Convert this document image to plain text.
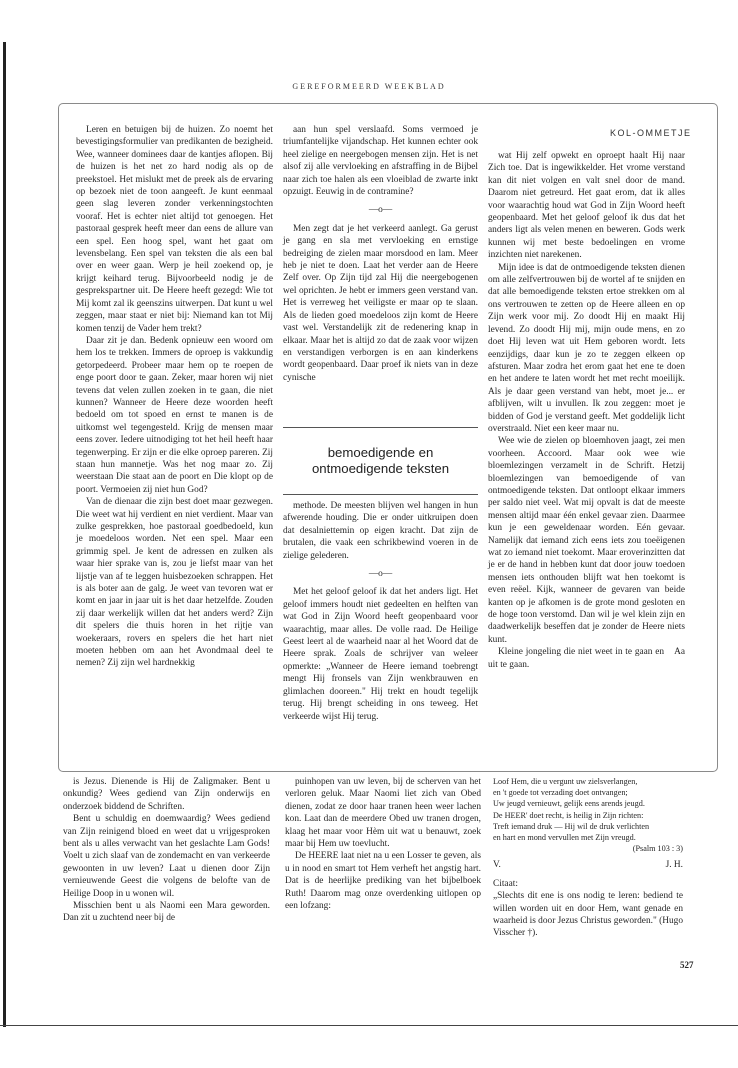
GEREFORMEERD WEEKBLAD
KOL-OMMETJE

Leren en betuigen bij de huizen. Zo noemt het bevestigingsformulier van predikanten de bezigheid. Wee, wanneer dominees daar de kantjes aflopen. Bij de huizen is het net zo hard nodig als op de preekstoel. Het mislukt met de preek als de ervaring op bezoek niet de toon aangeeft. Je kunt eenmaal geen slag leveren zonder verkenningstochten vooraf. Het is echter niet altijd tot genoegen. Het pastoraal gesprek heeft meer dan eens de allure van een spel. Een hoog spel, want het gaat om levensbelang. Een spel van teksten die als een bal over en weer gaan. Werp je heil zoekend op, je krijgt keihard terug. Bijvoorbeeld nodig je de gesprekspartner uit. De Heere heeft gezegd: Wie tot Mij komt zal ik geenszins uitwerpen. Dat kunt u wel zeggen, maar staat er niet bij: Niemand kan tot Mij komen tenzij de Vader hem trekt?

Daar zit je dan. Bedenk opnieuw een woord om hem los te trekken. Immers de oproep is vakkundig getorpedeerd. Probeer maar hem op te roepen de enge poort door te gaan. Zeker, maar horen wij niet tevens dat velen zullen zoeken in te gaan, die niet kunnen? Wanneer de Heere deze woorden heeft bedoeld om tot spoed en ernst te manen is de uitkomst wel tegengesteld. Krijg de mensen maar eens zover. Iedere uitnodiging tot het heil heeft haar tegenwerping. Er zijn er die elke oproep pareren. Zij staan hun mannetje. Was het nog maar zo. Zij weerstaan Die staat aan de poort en Die klopt op de poort. Vermoeien zij niet hun God?

Van de dienaar die zijn best doet maar gezwegen. Die weet wat hij verdient en niet verdient. Maar van zulke gesprekken, hoe pastoraal goedbedoeld, kun je moedeloos worden. Net een spel. Maar een grimmig spel. Je kent de adressen en zulken als waar hier sprake van is, zou je liefst maar van het lijstje van af te leggen huisbezoeken schrappen. Het is als boter aan de galg. Je weet van tevoren wat er komt en jaar in jaar uit is het daar hetzelfde. Zouden zij daar werkelijk willen dat het anders werd? Zijn dit spelers die thuis horen in het rijtje van woekeraars, rovers en spelers die het hart niet moeten hebben om aan het Avondmaal deel te nemen? Zij zijn wel hardnekkig

aan hun spel verslaafd. Soms vermoed je triumfantelijke vijandschap. Het kunnen echter ook heel zielige en neergebogen mensen zijn. Het is net alsof zij alle vervloeking en afstraffing in de Bijbel naar zich toe halen als een vloeiblad de zwarte inkt opzuigt. Eeuwig in de contramine?

—o—

Men zegt dat je het verkeerd aanlegt. Ga gerust je gang en sla met vervloeking en ernstige bedreiging de zielen maar morsdood en lam. Meer heb je niet te doen. Laat het verder aan de Heere Zelf over. Op Zijn tijd zal Hij die neergebogenen wel oprichten. Je hebt er immers geen verstand van. Het is verreweg het veiligste er maar op te slaan. Als de lieden goed moedeloos zijn komt de Heere vast wel. Verstandelijk zit de redenering knap in elkaar. Maar het is altijd zo dat de zaak voor wijzen en verstandigen verborgen is en aan kinderkens wordt geopenbaard. Daar proef ik niets van in deze cynische

bemoedigende en ontmoedigende teksten

methode. De meesten blijven wel hangen in hun afwerende houding. Die er onder uitkruipen doen dat desalniettemin op eigen kracht. Dat zijn de brutalen, die vaak een schrikbewind voeren in de zielige gelederen.

—o—

Met het geloof geloof ik dat het anders ligt. Het geloof immers houdt niet gedeelten en helften van wat God in Zijn Woord heeft geopenbaard voor waarachtig, maar alles. De volle raad. De Heilige Geest leert al de waarheid naar al het Woord dat de Heere sprak. Zoals de schrijver van weleer opmerkte: „Wanneer de Heere iemand toebrengt mengt Hij fronsels van Zijn wenkbrauwen en glimlachen dooreen." Hij trekt en houdt tegelijk terug. Hij brengt scheiding in ons teweeg. Het verkeerde wijst Hij terug.

wat Hij zelf opwekt en oproept haalt Hij naar Zich toe. Dat is ingewikkelder. Het vrome verstand kan dit niet volgen en valt snel door de mand. Daarom niet getreurd. Het gaat erom, dat ik alles voor waarachtig houd wat God in Zijn Woord heeft geopenbaard. Met het geloof geloof ik dus dat het anders ligt als velen menen en beweren. Gods werk kunnen wij met beste bedoelingen en vrome inzichten niet narekenen.

Mijn idee is dat de ontmoedigende teksten dienen om alle zelfvertrouwen bij de wortel af te snijden en dat alle bemoedigende teksten ertoe strekken om al ons vertrouwen te zetten op de Heere alleen en op Zijn werk voor mij. Zo doodt Hij en maakt Hij levend. Zo doodt Hij mij, mijn oude mens, en zo doet Hij leven wat uit Hem geboren wordt. Iets eenzijdigs, daar kun je zo te zeggen elkeen op afsturen. Maar zodra het erom gaat het ene te doen en het andere te laten wordt het met recht moeilijk. Als je daar geen verstand van hebt, moet je... er afblijven, wilt u invullen. Ik zou zeggen: moet je bidden of God je verstand geeft. Met goddelijk licht overstraald. Niet een keer maar nu.

Wee wie de zielen op bloemhoven jaagt, zei men voorheen. Accoord. Maar ook wee wie bloemlezingen verzamelt in de Schrift. Hetzij bloemlezingen van bemoedigende of van ontmoedigende teksten. Dat ontloopt elkaar immers per saldo niet veel. Wat mij opvalt is dat de meeste mensen altijd maar één enkel gevaar zien. Daarmee kun je een geweldenaar worden. Eén gevaar. Namelijk dat iemand zich eens iets zou toeëigenen wat zo iemand niet toekomt. Maar eroverinzitten dat je er de hand in hebben kunt dat door jouw toedoen mensen iets onthouden blijft wat hen toekomt is even reëel. Kijk, wanneer de gevaren van beide kanten op je afkomen is de grote mond gesloten en de hoge toon verstomd. Dan wil je wel klein zijn en daadwerkelijk beseffen dat je zonder de Heere niets kunt.

Kleine jongeling die niet weet in te gaan en uit te gaan.
Aa

is Jezus. Dienende is Hij de Zaligmaker. Bent u onkundig? Wees gediend van Zijn onderwijs en onderzoek biddend de Schriften.

Bent u schuldig en doemwaardig? Wees gediend van Zijn reinigend bloed en weet dat u vrijgesproken bent als u alles verwacht van het geslachte Lam Gods! Voelt u zich slaaf van de zondemacht en van verkeerde gewoonten in uw leven? Laat u dienen door Zijn vernieuwende Geest die volgens de belofte van de Heilige Doop in u wonen wil.

Misschien bent u als Naomi een Mara geworden. Dan zit u zuchtend neer bij de

puinhopen van uw leven, bij de scherven van het verloren geluk. Maar Naomi liet zich van Obed dienen, zodat ze door haar tranen heen weer lachen kon. Laat dan de meerdere Obed uw tranen drogen, klaag het maar voor Hèm uit wat u benauwt, zoek maar bij Hem uw toevlucht.

De HEERE laat niet na u een Losser te geven, als u in nood en smart tot Hem verheft het angstig hart. Dat is de heerlijke prediking van het bijbelboek Ruth! Daarom mag onze overdenking uitlopen op een lofzang:

Loof Hem, die u vergunt uw zielsverlangen,

en 't goede tot verzading doet ontvangen;

Uw jeugd vernieuwt, gelijk eens arends jeugd.

De HEER' doet recht, is heilig in Zijn richten:

Treft iemand druk — Hij wil de druk verlichten

en hart en mond vervullen met Zijn vreugd.

(Psalm 103 : 3)

V.	J. H.

Citaat:

„Slechts dit ene is ons nodig te leren: bediend te willen worden uit en door Hem, want genade en waarheid is door Jezus Christus geworden." (Hugo Visscher †).

527
